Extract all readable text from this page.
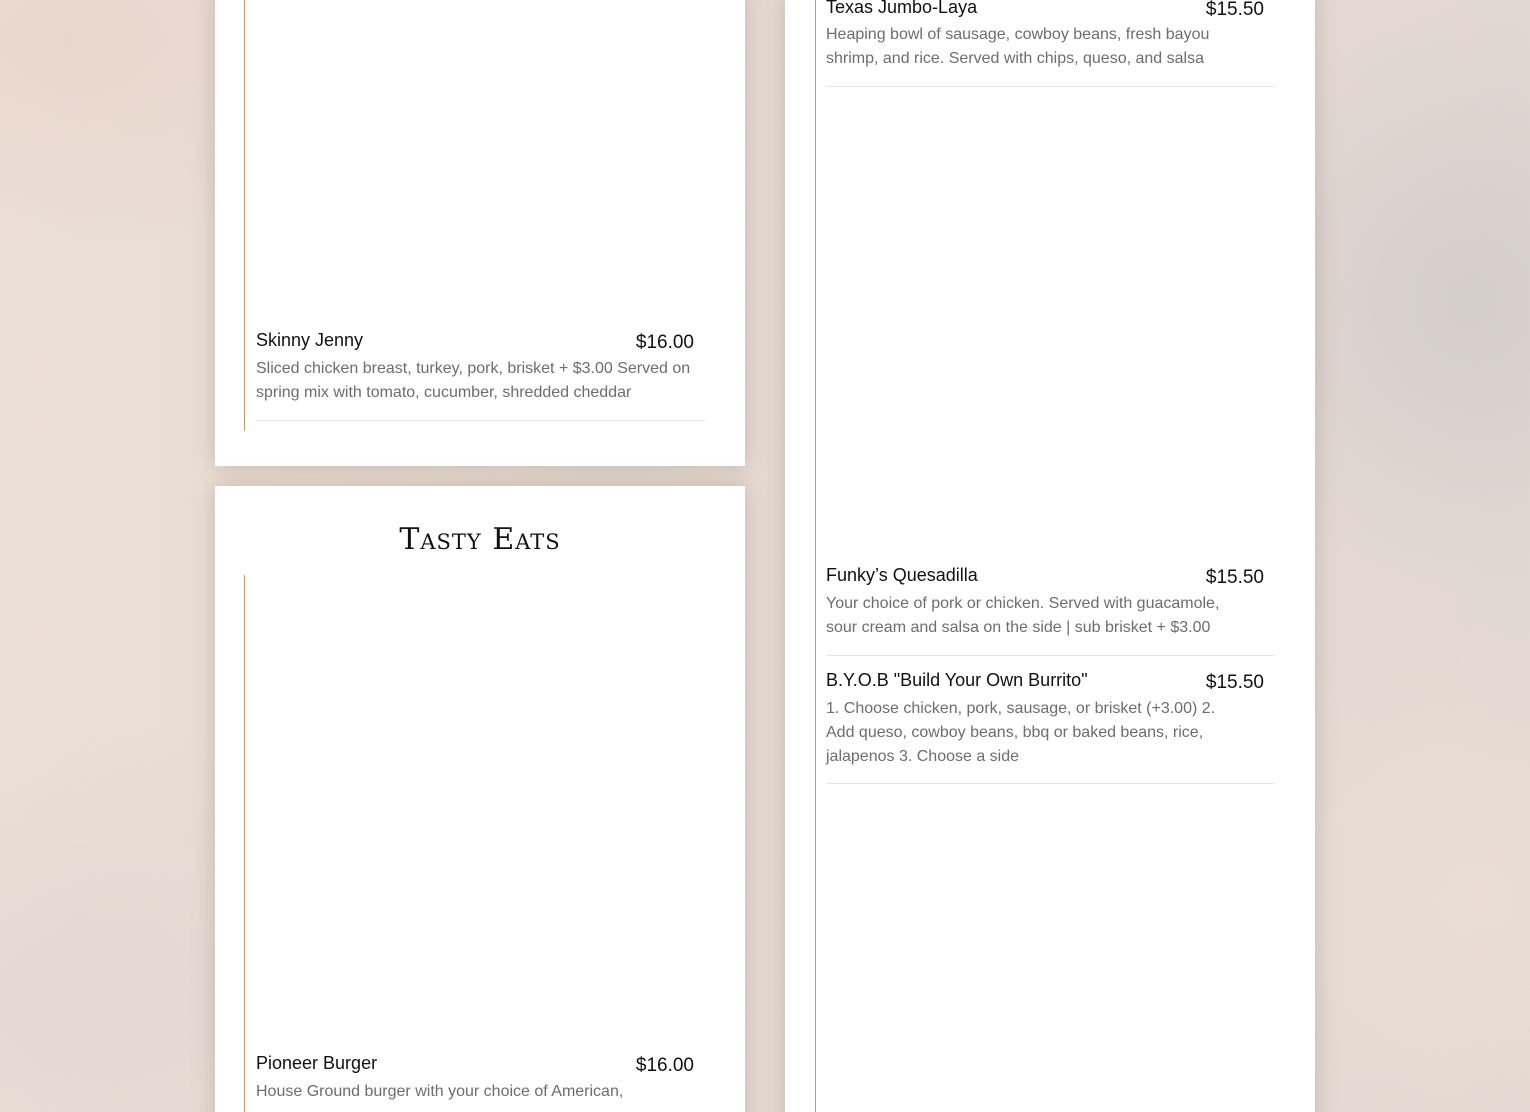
Skinny Jenny	$16.00
Sliced chicken breast, turkey, pork, brisket + $3.00 Served on spring mix with tomato, cucumber, shredded cheddar
Tasty Eats
Pioneer Burger	$16.00
House Ground burger with your choice of American,
Texas Jumbo-Laya	$15.50
Heaping bowl of sausage, cowboy beans, fresh bayou shrimp, and rice. Served with chips, queso, and salsa
Funky’s Quesadilla	$15.50
Your choice of pork or chicken. Served with guacamole, sour cream and salsa on the side | sub brisket + $3.00
B.Y.O.B "Build Your Own Burrito"	$15.50
1. Choose chicken, pork, sausage, or brisket (+3.00) 2. Add queso, cowboy beans, bbq or baked beans, rice, jalapenos 3. Choose a side
